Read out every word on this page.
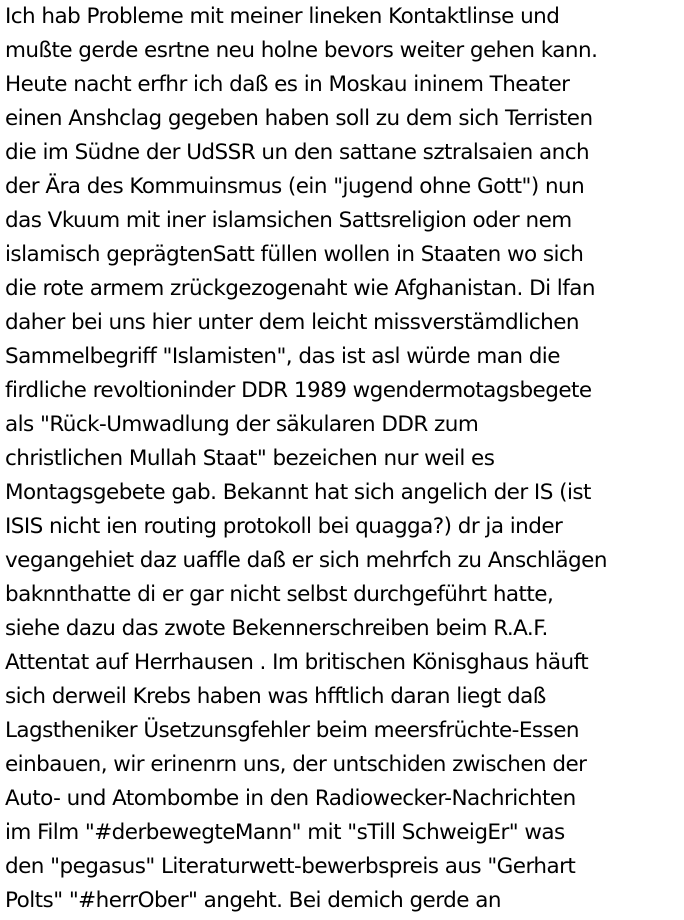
Ich hab Probleme mit meiner lineken Kontaktlinse und
mußte gerde esrtne neu holne bevors weiter gehen kann.
Heute nacht erfhr ich daß es in Moskau ininem Theater
einen Anshclag gegeben haben soll zu dem sich Terristen
die im Südne der UdSSR un den sattane sztralsaien anch
der Ära des Kommuinsmus (ein "jugend ohne Gott") nun
das Vkuum mit iner islamsichen Sattsreligion oder nem
islamisch geprägtenSatt füllen wollen in Staaten wo sich
die rote armem zrückgezogenaht wie Afghanistan. Di lfan
daher bei uns hier unter dem leicht missverstämdlichen
Sammelbegriff "Islamisten", das ist asl würde man die
firdliche revoltioninder DDR 1989 wgendermotagsbegete
als "Rück-Umwadlung der säkularen DDR zum
christlichen Mullah Staat" bezeichen nur weil es
Montagsgebete gab. Bekannt hat sich angelich der IS (ist
ISIS nicht ien routing protokoll bei quagga?) dr ja inder
vegangehiet daz uaffle daß er sich mehrfch zu Anschlägen
baknnthatte di er gar nicht selbst durchgeführt hatte,
siehe dazu das zwote Bekennerschreiben beim R.A.F.
Attentat auf Herrhausen . Im britischen Könisghaus häuft
sich derweil Krebs haben was hfftlich daran liegt daß
Lagstheniker Üsetzunsgfehler beim meersfrüchte-Essen
einbauen, wir erinenrn uns, der untschiden zwischen der
Auto- und Atombombe in den Radiowecker-Nachrichten
im Film "#derbewegteMann" mit "sTill SchweigEr" was
den "pegasus" Literaturwett-bewerbspreis aus "Gerhart
Polts" "#herrOber" angeht. Bei demich gerde an
